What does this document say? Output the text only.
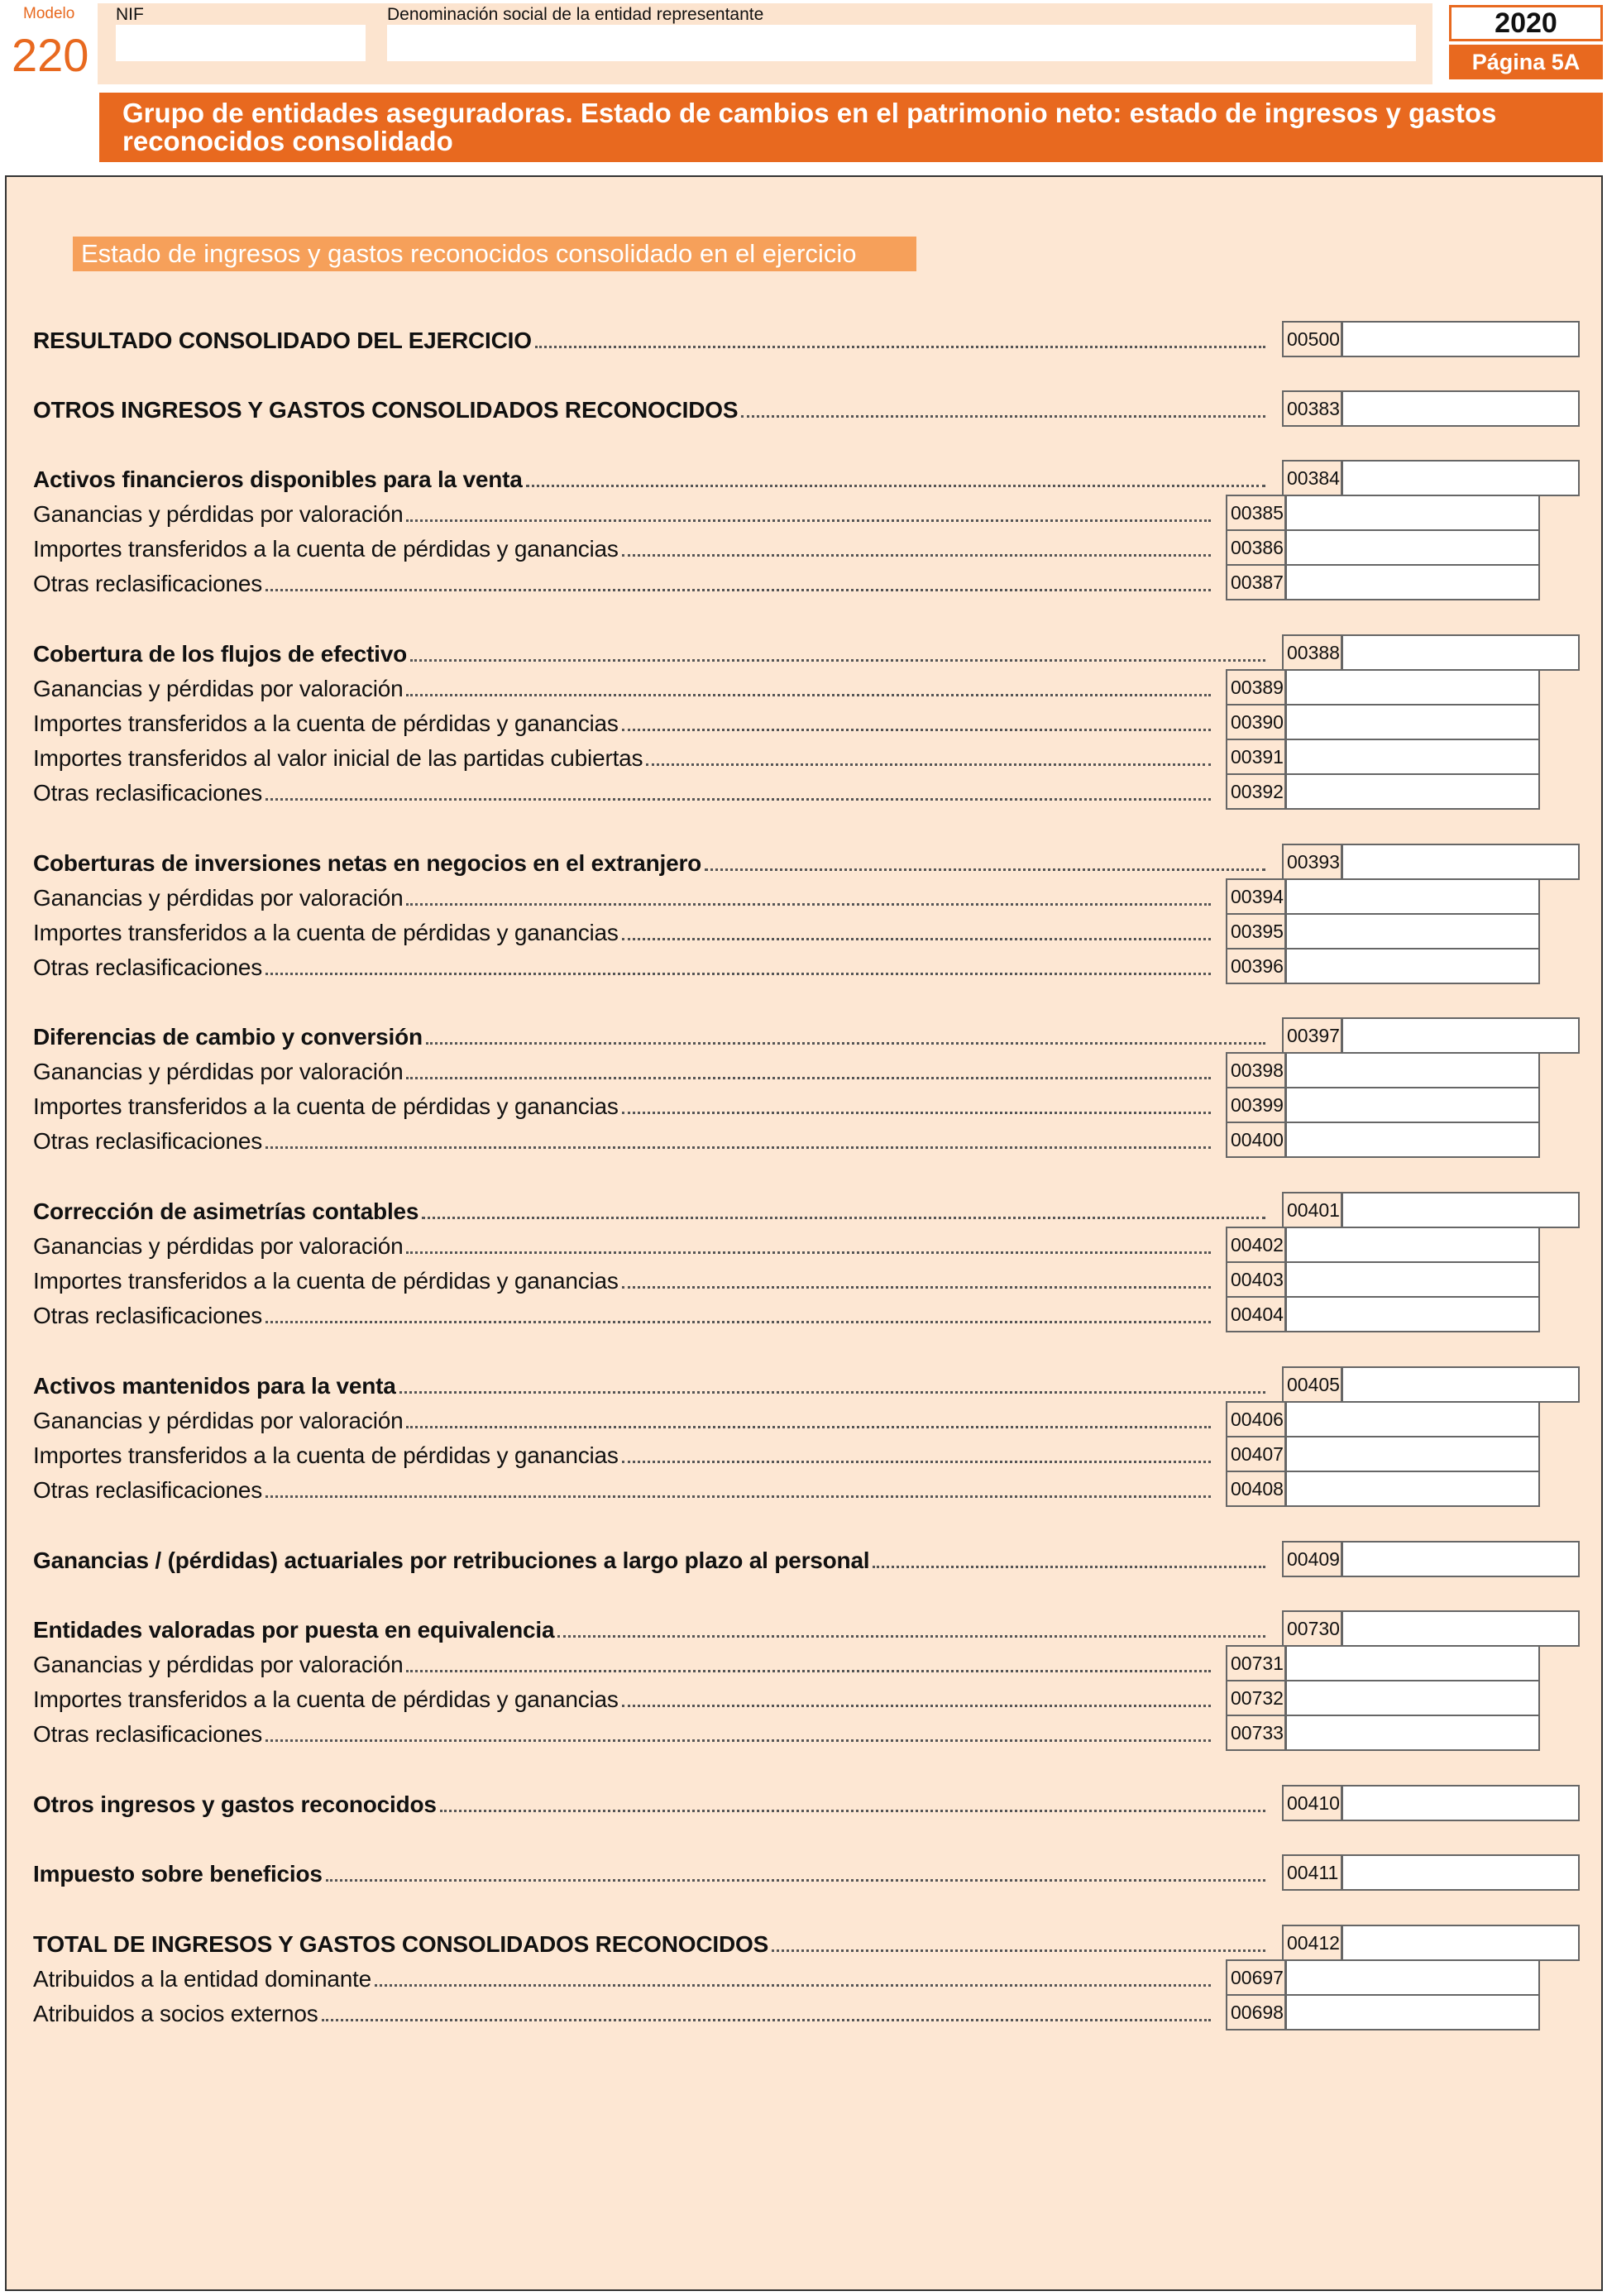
Modelo
220
NIF	Denominación social de la entidad representante	2020
Página 5A
Grupo de entidades aseguradoras. Estado de cambios en el patrimonio neto: estado de ingresos y gastos reconocidos consolidado
Estado de ingresos y gastos reconocidos consolidado en el ejercicio
RESULTADO CONSOLIDADO DEL EJERCICIO	00500
OTROS INGRESOS Y GASTOS CONSOLIDADOS RECONOCIDOS	00383
Activos financieros disponibles para la venta	00384
Ganancias y pérdidas por valoración	00385
Importes transferidos a la cuenta de pérdidas y ganancias	00386
Otras reclasificaciones	00387
Cobertura de los flujos de efectivo	00388
Ganancias y pérdidas por valoración	00389
Importes transferidos a la cuenta de pérdidas y ganancias	00390
Importes transferidos al valor inicial de las partidas cubiertas	00391
Otras reclasificaciones	00392
Coberturas de inversiones netas en negocios en el extranjero	00393
Ganancias y pérdidas por valoración	00394
Importes transferidos a la cuenta de pérdidas y ganancias	00395
Otras reclasificaciones	00396
Diferencias de cambio y conversión	00397
Ganancias y pérdidas por valoración	00398
Importes transferidos a la cuenta de pérdidas y ganancias	00399
Otras reclasificaciones	00400
Corrección de asimetrías contables	00401
Ganancias y pérdidas por valoración	00402
Importes transferidos a la cuenta de pérdidas y ganancias	00403
Otras reclasificaciones	00404
Activos mantenidos para la venta	00405
Ganancias y pérdidas por valoración	00406
Importes transferidos a la cuenta de pérdidas y ganancias	00407
Otras reclasificaciones	00408
Ganancias / (pérdidas) actuariales por retribuciones a largo plazo al personal	00409
Entidades valoradas por puesta en equivalencia	00730
Ganancias y pérdidas por valoración	00731
Importes transferidos a la cuenta de pérdidas y ganancias	00732
Otras reclasificaciones	00733
Otros ingresos y gastos reconocidos	00410
Impuesto sobre beneficios	00411
TOTAL DE INGRESOS Y GASTOS CONSOLIDADOS RECONOCIDOS	00412
Atribuidos a la entidad dominante	00697
Atribuidos a socios externos	00698
